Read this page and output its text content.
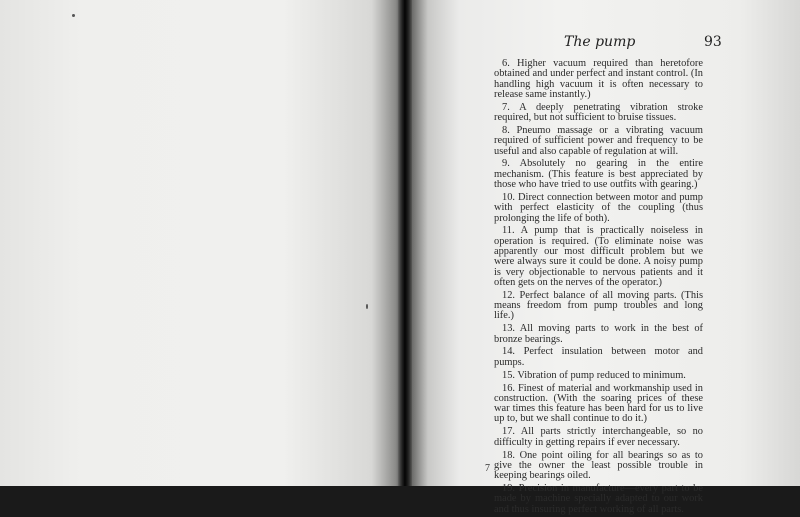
The pump	93

6. Higher vacuum required than heretofore obtained and under perfect and instant control. (In handling high vacuum it is often necessary to release same instantly.)

7. A deeply penetrating vibration stroke required, but not sufficient to bruise tissues.

8. Pneumo massage or a vibrating vacuum required of sufficient power and frequency to be useful and also capable of regulation at will.

9. Absolutely no gearing in the entire mechanism. (This feature is best appreciated by those who have tried to use outfits with gearing.)

10. Direct connection between motor and pump with perfect elasticity of the coupling (thus prolonging the life of both).

11. A pump that is practically noiseless in operation is required. (To eliminate noise was apparently our most difficult problem but we were always sure it could be done. A noisy pump is very objectionable to nervous patients and it often gets on the nerves of the operator.)

12. Perfect balance of all moving parts. (This means freedom from pump troubles and long life.)

13. All moving parts to work in the best of bronze bearings.

14. Perfect insulation between motor and pumps.

15. Vibration of pump reduced to minimum.

16. Finest of material and workmanship used in construction. (With the soaring prices of these war times this feature has been hard for us to live up to, but we shall continue to do it.)

17. All parts strictly interchangeable, so no difficulty in getting repairs if ever necessary.

18. One point oiling for all bearings so as to give the owner the least possible trouble in keeping bearings oiled.

19. Precision in manufacture—every part to be made by machine specially adapted to our work and thus insuring perfect working of all parts.

7
